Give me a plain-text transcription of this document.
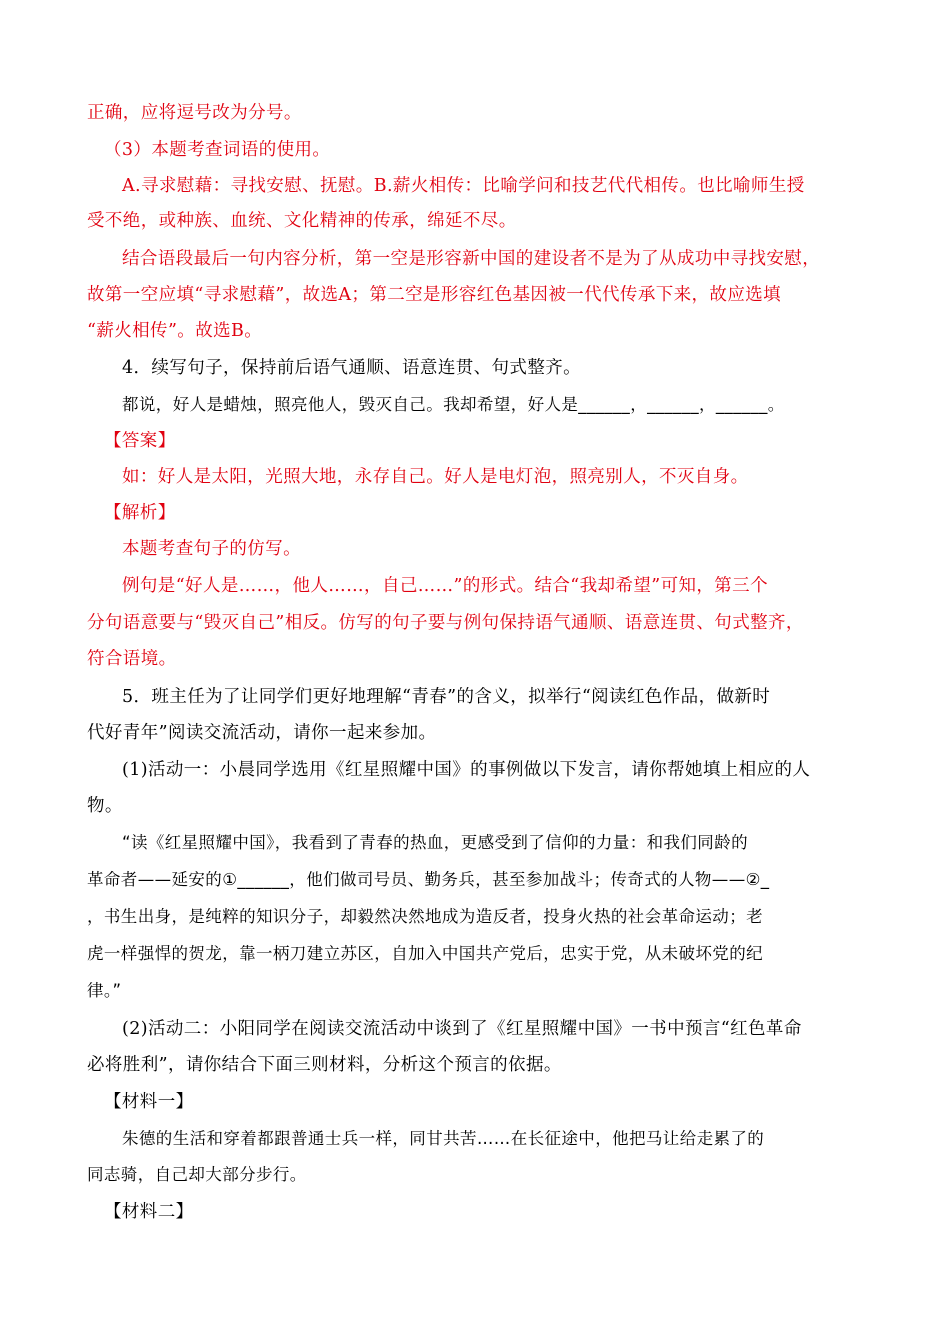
正确，应将逗号改为分号。
（3）本题考查词语的使用。
A.寻求慰藉：寻找安慰、抚慰。B.薪火相传：比喻学问和技艺代代相传。也比喻师生授
受不绝，或种族、血统、文化精神的传承，绵延不尽。
结合语段最后一句内容分析，第一空是形容新中国的建设者不是为了从成功中寻找安慰，
故第一空应填“寻求慰藉”，故选A；第二空是形容红色基因被一代代传承下来，故应选填
“薪火相传”。故选B。
4．续写句子，保持前后语气通顺、语意连贯、句式整齐。
都说，好人是蜡烛，照亮他人，毁灭自己。我却希望，好人是______，______，______。
【答案】
如：好人是太阳，光照大地，永存自己。好人是电灯泡，照亮别人，不灭自身。
【解析】
本题考查句子的仿写。
例句是“好人是……，他人……，自己……”的形式。结合“我却希望”可知，第三个
分句语意要与“毁灭自己”相反。仿写的句子要与例句保持语气通顺、语意连贯、句式整齐，
符合语境。
5．班主任为了让同学们更好地理解“青春”的含义，拟举行“阅读红色作品，做新时
代好青年”阅读交流活动，请你一起来参加。
(1)活动一：小晨同学选用《红星照耀中国》的事例做以下发言，请你帮她填上相应的人
物。
“读《红星照耀中国》，我看到了青春的热血，更感受到了信仰的力量：和我们同龄的
革命者——延安的①______，他们做司号员、勤务兵，甚至参加战斗；传奇式的人物——②_
，书生出身，是纯粹的知识分子，却毅然决然地成为造反者，投身火热的社会革命运动；老
虎一样强悍的贺龙，靠一柄刀建立苏区，自加入中国共产党后，忠实于党，从未破坏党的纪
律。”
(2)活动二：小阳同学在阅读交流活动中谈到了《红星照耀中国》一书中预言“红色革命
必将胜利”，请你结合下面三则材料，分析这个预言的依据。
【材料一】
朱德的生活和穿着都跟普通士兵一样，同甘共苦……在长征途中，他把马让给走累了的
同志骑，自己却大部分步行。
【材料二】
